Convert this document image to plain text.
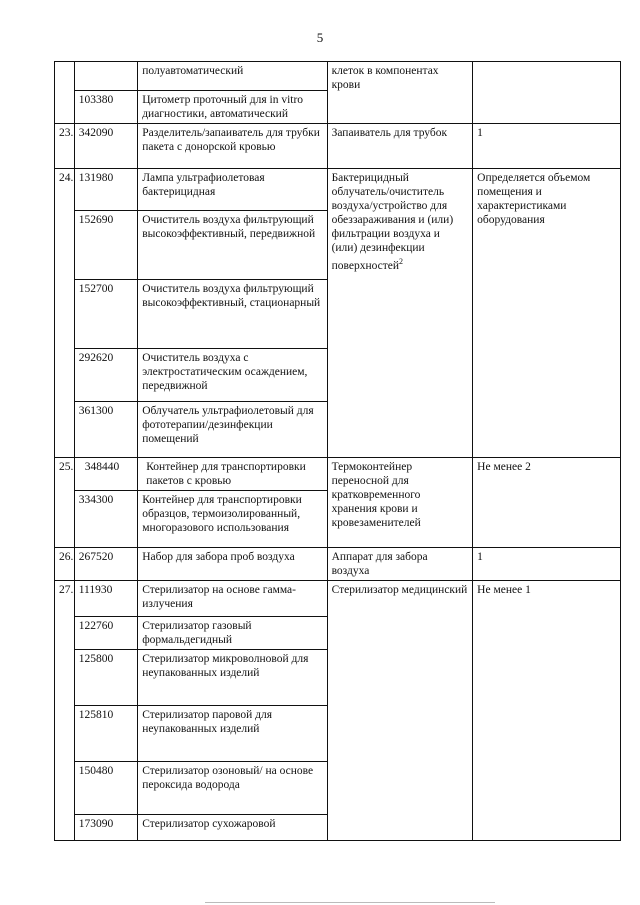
5
		полуавтоматический	клеток в компонентах крови	
	103380	Цитометр проточный для in vitro диагностики, автоматический		
23.	342090	Разделитель/запаиватель для трубки пакета с донорской кровью	Запаиватель для трубок	1
24.	131980	Лампа ультрафиолетовая бактерицидная	Бактерицидный облучатель/очиститель воздуха/устройство для обеззараживания и (или) фильтрации воздуха и (или) дезинфекции поверхностей$^2$	Определяется объемом помещения и характеристиками оборудования
	152690	Очиститель воздуха фильтрующий высокоэффективный, передвижной		
	152700	Очиститель воздуха фильтрующий высокоэффективный, стационарный		
	292620	Очиститель воздуха с электростатическим осаждением, передвижной		
	361300	Облучатель ультрафиолетовый для фототерапии/дезинфекции помещений		
25.	348440	Контейнер для транспортировки пакетов с кровью	Термоконтейнер переносной для кратковременного хранения крови и кровезаменителей	Не менее 2
	334300	Контейнер для транспортировки образцов, термоизолированный, многоразового использования		
26.	267520	Набор для забора проб воздуха	Аппарат для забора воздуха	1
27.	111930	Стерилизатор на основе гамма-излучения	Стерилизатор медицинский	Не менее 1
	122760	Стерилизатор газовый формальдегидный		
	125800	Стерилизатор микроволновой для неупакованных изделий		
	125810	Стерилизатор паровой для неупакованных изделий		
	150480	Стерилизатор озоновый/ на основе пероксида водорода		
	173090	Стерилизатор сухожаровой		
